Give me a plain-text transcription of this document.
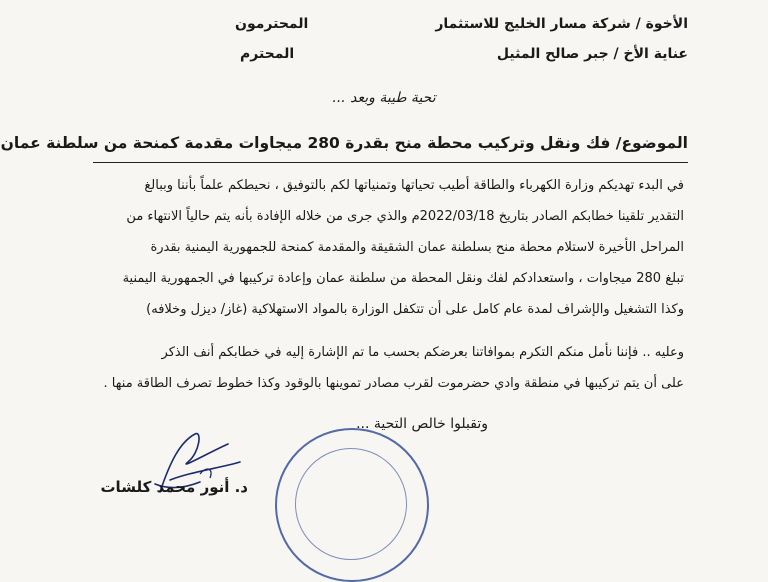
الأخوة / شركة مسار الخليج للاستثمار
المحترمون
عناية الأخ / جبر صالح المثيل
المحترم
تحية طيبة وبعد ...
الموضوع/ فك ونقل وتركيب محطة منح بقدرة 280 ميجاوات مقدمة كمنحة من سلطنة عمان
في البدء تهديكم وزارة الكهرباء والطاقة أطيب تحياتها وتمنياتها لكم بالتوفيق ، نحيطكم علماً بأننا وببالغ
التقدير تلقينا خطابكم الصادر بتاريخ 2022/03/18م والذي جرى من خلاله الإفادة بأنه يتم حالياً الانتهاء من
المراحل الأخيرة لاستلام محطة منح بسلطنة عمان الشقيقة والمقدمة كمنحة للجمهورية اليمنية بقدرة
تبلغ 280 ميجاوات ، واستعدادكم لفك ونقل المحطة من سلطنة عمان وإعادة تركيبها في الجمهورية اليمنية
وكذا التشغيل والإشراف لمدة عام كامل على أن تتكفل الوزارة بالمواد الاستهلاكية (غاز/ ديزل وخلافه)
وعليه .. فإننا نأمل منكم التكرم بموافاتنا بعرضكم بحسب ما تم الإشارة إليه في خطابكم أنف الذكر
على أن يتم تركيبها في منطقة وادي حضرموت لقرب مصادر تموينها بالوقود وكذا خطوط تصرف الطاقة منها .
وتقبلوا خالص التحية ...
د. أنور محمد كلشات
